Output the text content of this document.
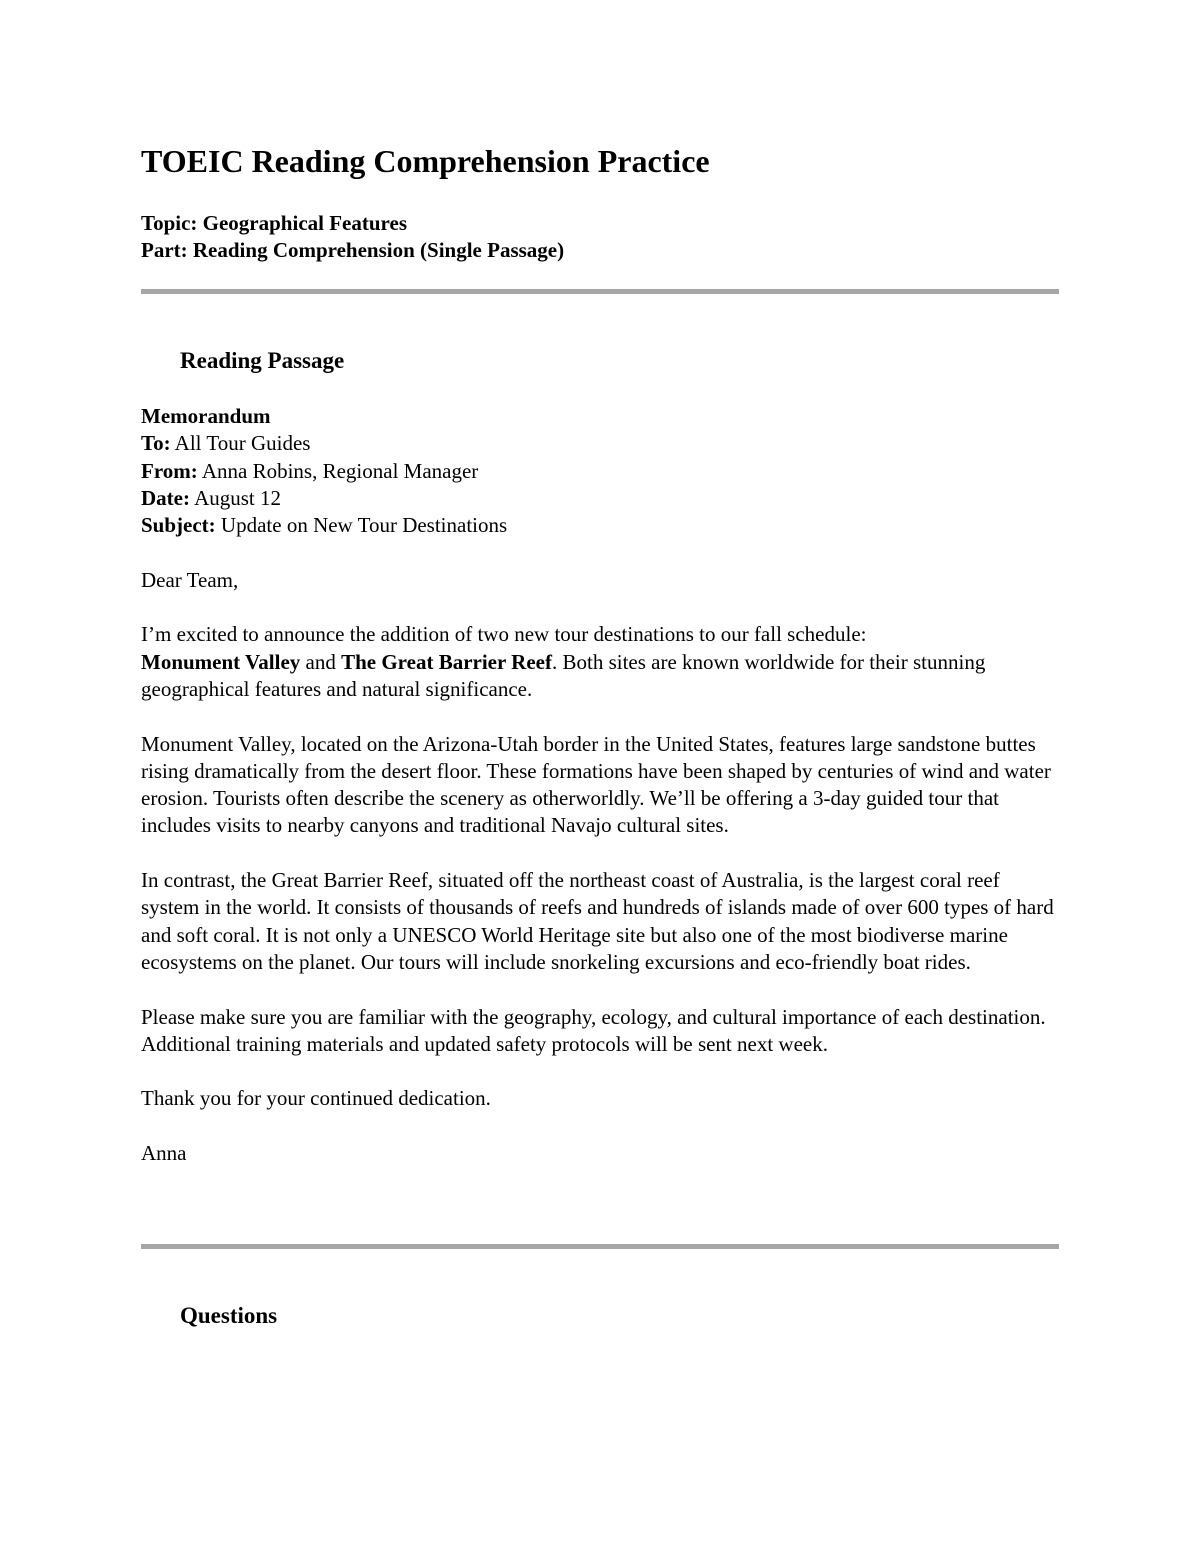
TOEIC Reading Comprehension Practice
Topic: Geographical Features
Part: Reading Comprehension (Single Passage)
Reading Passage
Memorandum
To: All Tour Guides
From: Anna Robins, Regional Manager
Date: August 12
Subject: Update on New Tour Destinations
Dear Team,

I’m excited to announce the addition of two new tour destinations to our fall schedule:
Monument Valley and The Great Barrier Reef. Both sites are known worldwide for their stunning geographical features and natural significance.

Monument Valley, located on the Arizona-Utah border in the United States, features large sandstone buttes rising dramatically from the desert floor. These formations have been shaped by centuries of wind and water erosion. Tourists often describe the scenery as otherworldly. We’ll be offering a 3-day guided tour that includes visits to nearby canyons and traditional Navajo cultural sites.

In contrast, the Great Barrier Reef, situated off the northeast coast of Australia, is the largest coral reef system in the world. It consists of thousands of reefs and hundreds of islands made of over 600 types of hard and soft coral. It is not only a UNESCO World Heritage site but also one of the most biodiverse marine ecosystems on the planet. Our tours will include snorkeling excursions and eco-friendly boat rides.

Please make sure you are familiar with the geography, ecology, and cultural importance of each destination. Additional training materials and updated safety protocols will be sent next week.

Thank you for your continued dedication.
Anna
Questions
